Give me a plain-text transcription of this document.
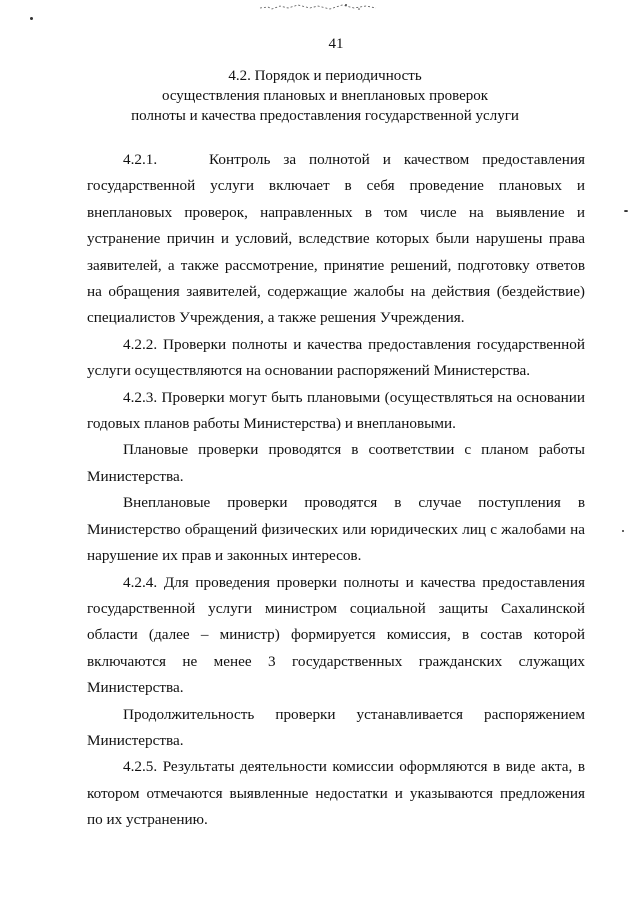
41
4.2. Порядок и периодичность
осуществления плановых и внеплановых проверок
полноты и качества предоставления государственной услуги

4.2.1.    Контроль за полнотой и качеством предоставления государственной услуги включает в себя проведение плановых и внеплановых проверок, направленных в том числе на выявление и устранение причин и условий, вследствие которых были нарушены права заявителей, а также рассмотрение, принятие решений, подготовку ответов на обращения заявителей, содержащие жалобы на действия (бездействие) специалистов Учреждения, а также решения Учреждения.

4.2.2. Проверки полноты и качества предоставления государственной услуги осуществляются на основании распоряжений Министерства.

4.2.3. Проверки могут быть плановыми (осуществляться на основании годовых планов работы Министерства) и внеплановыми.

Плановые проверки проводятся в соответствии с планом работы Министерства.

Внеплановые проверки проводятся в случае поступления в Министерство обращений физических или юридических лиц с жалобами на нарушение их прав и законных интересов.

4.2.4. Для проведения проверки полноты и качества предоставления государственной услуги министром социальной защиты Сахалинской области (далее – министр) формируется комиссия, в состав которой включаются не менее 3 государственных гражданских служащих Министерства.

Продолжительность проверки устанавливается распоряжением Министерства.

4.2.5. Результаты деятельности комиссии оформляются в виде акта, в котором отмечаются выявленные недостатки и указываются предложения по их устранению.
